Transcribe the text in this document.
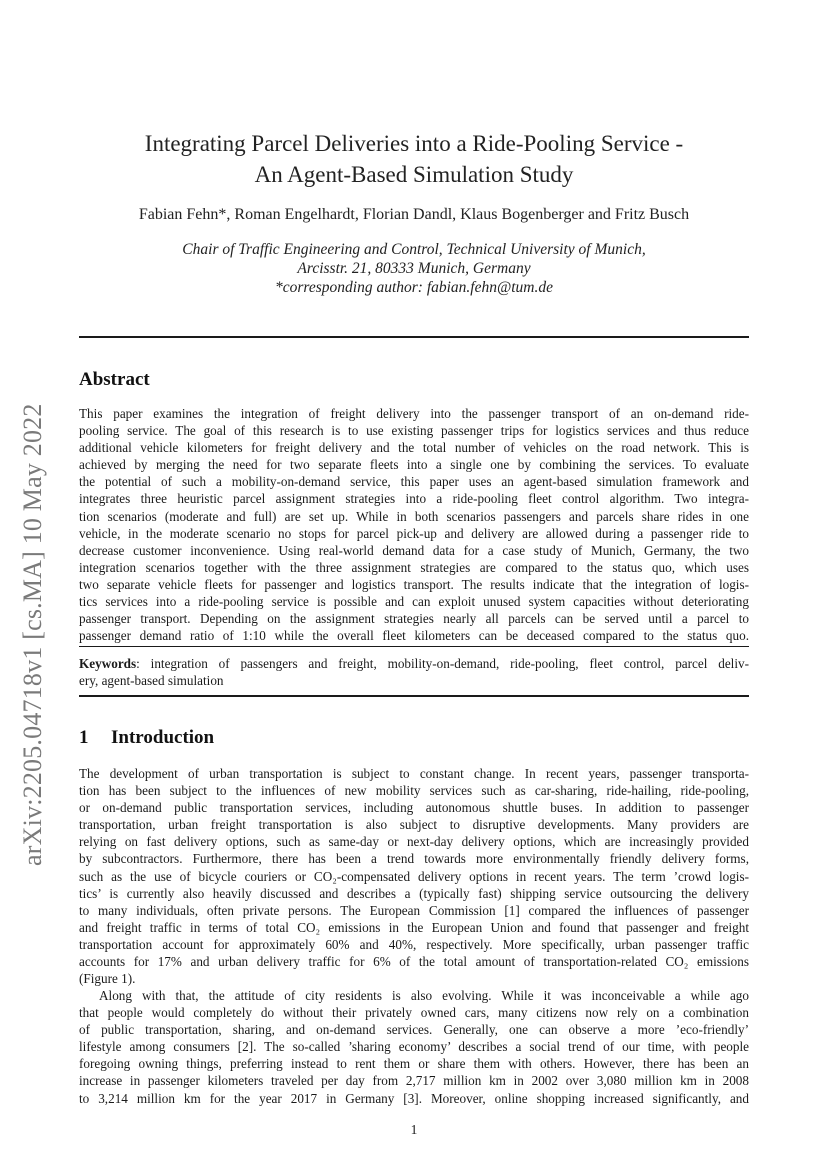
arXiv:2205.04718v1 [cs.MA] 10 May 2022
Integrating Parcel Deliveries into a Ride-Pooling Service -
An Agent-Based Simulation Study
Fabian Fehn*, Roman Engelhardt, Florian Dandl, Klaus Bogenberger and Fritz Busch
Chair of Traffic Engineering and Control, Technical University of Munich,
Arcisstr. 21, 80333 Munich, Germany
*corresponding author: fabian.fehn@tum.de
Abstract
This paper examines the integration of freight delivery into the passenger transport of an on-demand ride-
pooling service. The goal of this research is to use existing passenger trips for logistics services and thus reduce
additional vehicle kilometers for freight delivery and the total number of vehicles on the road network. This is
achieved by merging the need for two separate fleets into a single one by combining the services. To evaluate
the potential of such a mobility-on-demand service, this paper uses an agent-based simulation framework and
integrates three heuristic parcel assignment strategies into a ride-pooling fleet control algorithm. Two integra-
tion scenarios (moderate and full) are set up. While in both scenarios passengers and parcels share rides in one
vehicle, in the moderate scenario no stops for parcel pick-up and delivery are allowed during a passenger ride to
decrease customer inconvenience. Using real-world demand data for a case study of Munich, Germany, the two
integration scenarios together with the three assignment strategies are compared to the status quo, which uses
two separate vehicle fleets for passenger and logistics transport. The results indicate that the integration of logis-
tics services into a ride-pooling service is possible and can exploit unused system capacities without deteriorating
passenger transport. Depending on the assignment strategies nearly all parcels can be served until a parcel to
passenger demand ratio of 1:10 while the overall fleet kilometers can be deceased compared to the status quo.
Keywords: integration of passengers and freight, mobility-on-demand, ride-pooling, fleet control, parcel deliv-
ery, agent-based simulation
1 Introduction
The development of urban transportation is subject to constant change. In recent years, passenger transporta-
tion has been subject to the influences of new mobility services such as car-sharing, ride-hailing, ride-pooling,
or on-demand public transportation services, including autonomous shuttle buses. In addition to passenger
transportation, urban freight transportation is also subject to disruptive developments. Many providers are
relying on fast delivery options, such as same-day or next-day delivery options, which are increasingly provided
by subcontractors. Furthermore, there has been a trend towards more environmentally friendly delivery forms,
such as the use of bicycle couriers or CO₂-compensated delivery options in recent years. The term ’crowd logis-
tics’ is currently also heavily discussed and describes a (typically fast) shipping service outsourcing the delivery
to many individuals, often private persons. The European Commission [1] compared the influences of passenger
and freight traffic in terms of total CO₂ emissions in the European Union and found that passenger and freight
transportation account for approximately 60% and 40%, respectively. More specifically, urban passenger traffic
accounts for 17% and urban delivery traffic for 6% of the total amount of transportation-related CO₂ emissions
(Figure 1).
Along with that, the attitude of city residents is also evolving. While it was inconceivable a while ago
that people would completely do without their privately owned cars, many citizens now rely on a combination
of public transportation, sharing, and on-demand services. Generally, one can observe a more ’eco-friendly’
lifestyle among consumers [2]. The so-called ’sharing economy’ describes a social trend of our time, with people
foregoing owning things, preferring instead to rent them or share them with others. However, there has been an
increase in passenger kilometers traveled per day from 2,717 million km in 2002 over 3,080 million km in 2008
to 3,214 million km for the year 2017 in Germany [3]. Moreover, online shopping increased significantly, and
1
